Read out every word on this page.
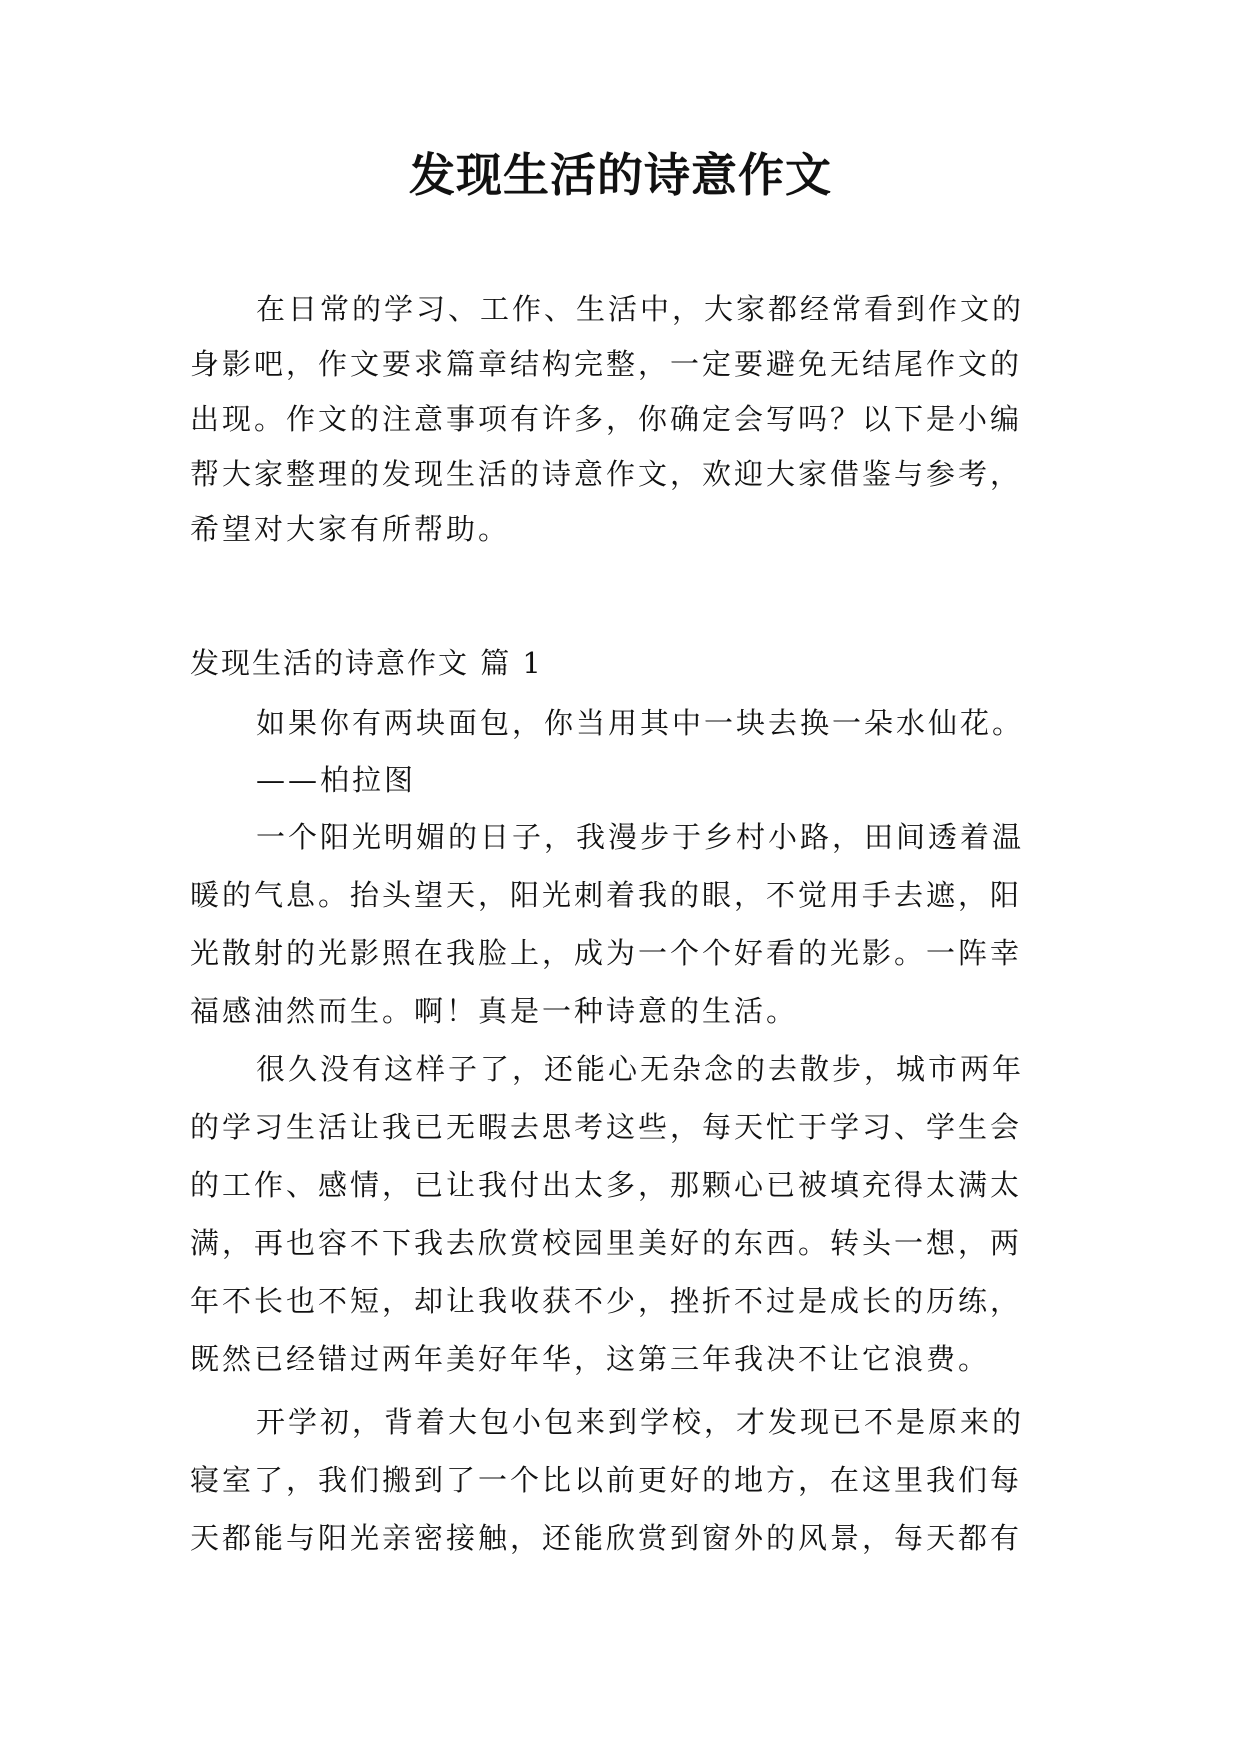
发现生活的诗意作文
在日常的学习、工作、生活中，大家都经常看到作文的
身影吧，作文要求篇章结构完整，一定要避免无结尾作文的
出现。作文的注意事项有许多，你确定会写吗？以下是小编
帮大家整理的发现生活的诗意作文，欢迎大家借鉴与参考，
希望对大家有所帮助。
发现生活的诗意作文 篇 1
如果你有两块面包，你当用其中一块去换一朵水仙花。
——柏拉图
一个阳光明媚的日子，我漫步于乡村小路，田间透着温
暖的气息。抬头望天，阳光刺着我的眼，不觉用手去遮，阳
光散射的光影照在我脸上，成为一个个好看的光影。一阵幸
福感油然而生。啊！真是一种诗意的生活。
很久没有这样子了，还能心无杂念的去散步，城市两年
的学习生活让我已无暇去思考这些，每天忙于学习、学生会
的工作、感情，已让我付出太多，那颗心已被填充得太满太
满，再也容不下我去欣赏校园里美好的东西。转头一想，两
年不长也不短，却让我收获不少，挫折不过是成长的历练，
既然已经错过两年美好年华，这第三年我决不让它浪费。
开学初，背着大包小包来到学校，才发现已不是原来的
寝室了，我们搬到了一个比以前更好的地方，在这里我们每
天都能与阳光亲密接触，还能欣赏到窗外的风景，每天都有
